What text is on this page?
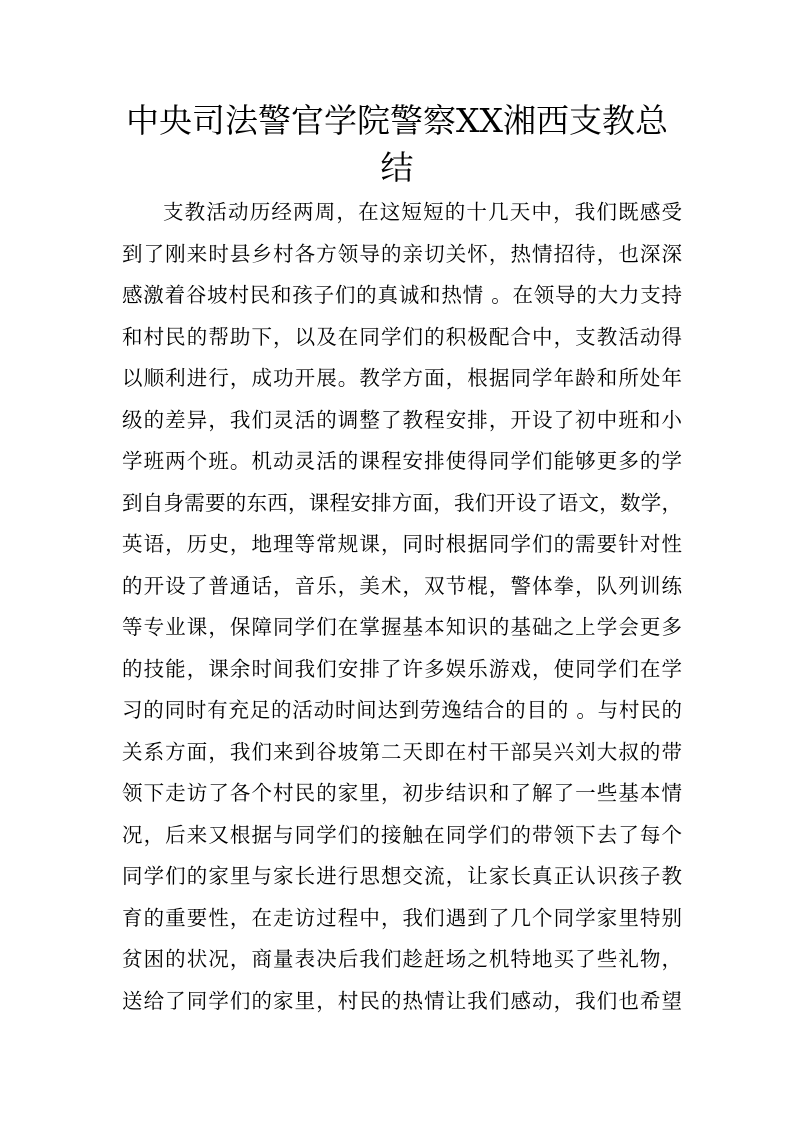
中央司法警官学院警察XX湘西支教总
结
支教活动历经两周，在这短短的十几天中，我们既感受
到了刚来时县乡村各方领导的亲切关怀，热情招待，也深深
感激着谷坡村民和孩子们的真诚和热情 。在领导的大力支持
和村民的帮助下，以及在同学们的积极配合中，支教活动得
以顺利进行，成功开展。教学方面，根据同学年龄和所处年
级的差异，我们灵活的调整了教程安排，开设了初中班和小
学班两个班。机动灵活的课程安排使得同学们能够更多的学
到自身需要的东西，课程安排方面，我们开设了语文，数学，
英语，历史，地理等常规课，同时根据同学们的需要针对性
的开设了普通话，音乐，美术，双节棍，警体拳，队列训练
等专业课，保障同学们在掌握基本知识的基础之上学会更多
的技能，课余时间我们安排了许多娱乐游戏，使同学们在学
习的同时有充足的活动时间达到劳逸结合的目的 。与村民的
关系方面，我们来到谷坡第二天即在村干部吴兴刘大叔的带
领下走访了各个村民的家里，初步结识和了解了一些基本情
况，后来又根据与同学们的接触在同学们的带领下去了每个
同学们的家里与家长进行思想交流，让家长真正认识孩子教
育的重要性，在走访过程中，我们遇到了几个同学家里特别
贫困的状况，商量表决后我们趁赶场之机特地买了些礼物，
送给了同学们的家里，村民的热情让我们感动，我们也希望
